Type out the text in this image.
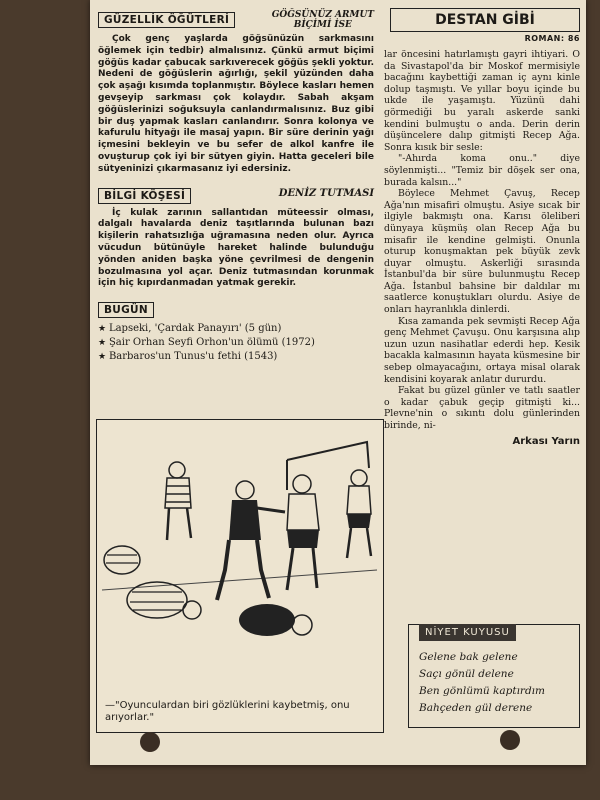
GÜZELLİK ÖĞÜTLERİ	GÖĞSÜNÜZ ARMUT
BİÇİMİ İSE

Çok genç yaşlarda göğsünüzün sarkmasını öğlemek için tedbir) almalısınız. Çünkü armut biçimi göğüs kadar çabucak sarkıverecek göğüs şekli yoktur. Nedeni de göğüslerin ağırlığı, şekil yüzünden daha çok aşağı kısımda toplanmıştır. Böylece kasları hemen gevşeyip sarkması çok kolaydır. Sabah akşam göğüslerinizi soğuksuyla canlandırmalısınız. Buz gibi bir duş yapmak kasları canlandırır. Sonra kolonya ve kafurulu hityağı ile masaj yapın. Bir süre derinin yağı içmesini bekleyin ve bu sefer de alkol kanfre ile ovuşturup çok iyi bir sütyen giyin. Hatta geceleri bile sütyeninizi çıkarmasanız iyi edersiniz.

BİLGİ KÖŞESİ	DENİZ TUTMASI

İç kulak zarının sallantıdan müteessir olması, dalgalı havalarda deniz taşıtlarında bulunan bazı kişilerin rahatsızlığa uğramasına neden olur. Ayrıca vücudun bütünüyle hareket halinde bulunduğu yönden aniden başka yöne çevrilmesi de dengenin bozulmasına yol açar. Deniz tutmasından korunmak için hiç kıpırdanmadan yatmak gerekir.

BUGÜN
★ Lapseki, 'Çardak Panayırı' (5 gün)
★ Şair Orhan Seyfi Orhon'un ölümü (1972)
★ Barbaros'un Tunus'u fethi (1543)
—"Oyunculardan biri gözlüklerini kaybetmiş, onu arıyorlar."
DESTAN GİBİ
ROMAN: 86

lar öncesini hatırlamıştı gayri ihtiyari. O da Sivastapol'da bir Moskof mermisiyle bacağını kaybettiği zaman iç aynı kinle dolup taşmıştı. Ve yıllar boyu içinde bu ukde ile yaşamıştı. Yüzünü dahi görmediği bu yaralı askerde sanki kendini bulmuştu o anda. Derin derin düşüncelere dalıp gitmişti Recep Ağa. Sonra kısık bir sesle:

"-Ahırda koma onu.." diye söylenmişti... "Temiz bir döşek ser ona, burada kalsın..."

Böylece Mehmet Çavuş, Recep Ağa'nın misafiri olmuştu. Asiye sıcak bir ilgiyle bakmıştı ona. Karısı öleliberi dünyaya küşmüş olan Recep Ağa bu misafir ile kendine gelmişti. Onunla oturup konuşmaktan pek büyük zevk duyar olmuştu. Askerliği sırasında İstanbul'da bir süre bulunmuştu Recep Ağa. İstanbul bahsine bir daldılar mı saatlerce konuştukları olurdu. Asiye de onları hayranlıkla dinlerdi.

Kısa zamanda pek sevmişti Recep Ağa genç Mehmet Çavuşu. Onu karşısına alıp uzun uzun nasihatlar ederdi hep. Kesik bacakla kalmasının hayata küsmesine bir sebep olmayacağını, ortaya misal olarak kendisini koyarak anlatır dururdu.

Fakat bu güzel günler ve tatlı saatler o kadar çabuk geçip gitmişti ki... Plevne'nin o sıkıntı dolu günlerinden birinde, ni-

Arkası Yarın
NİYET KUYUSU
Gelene bak gelene
Saçı gönül delene
Ben gönlümü kaptırdım
Bahçeden gül derene
